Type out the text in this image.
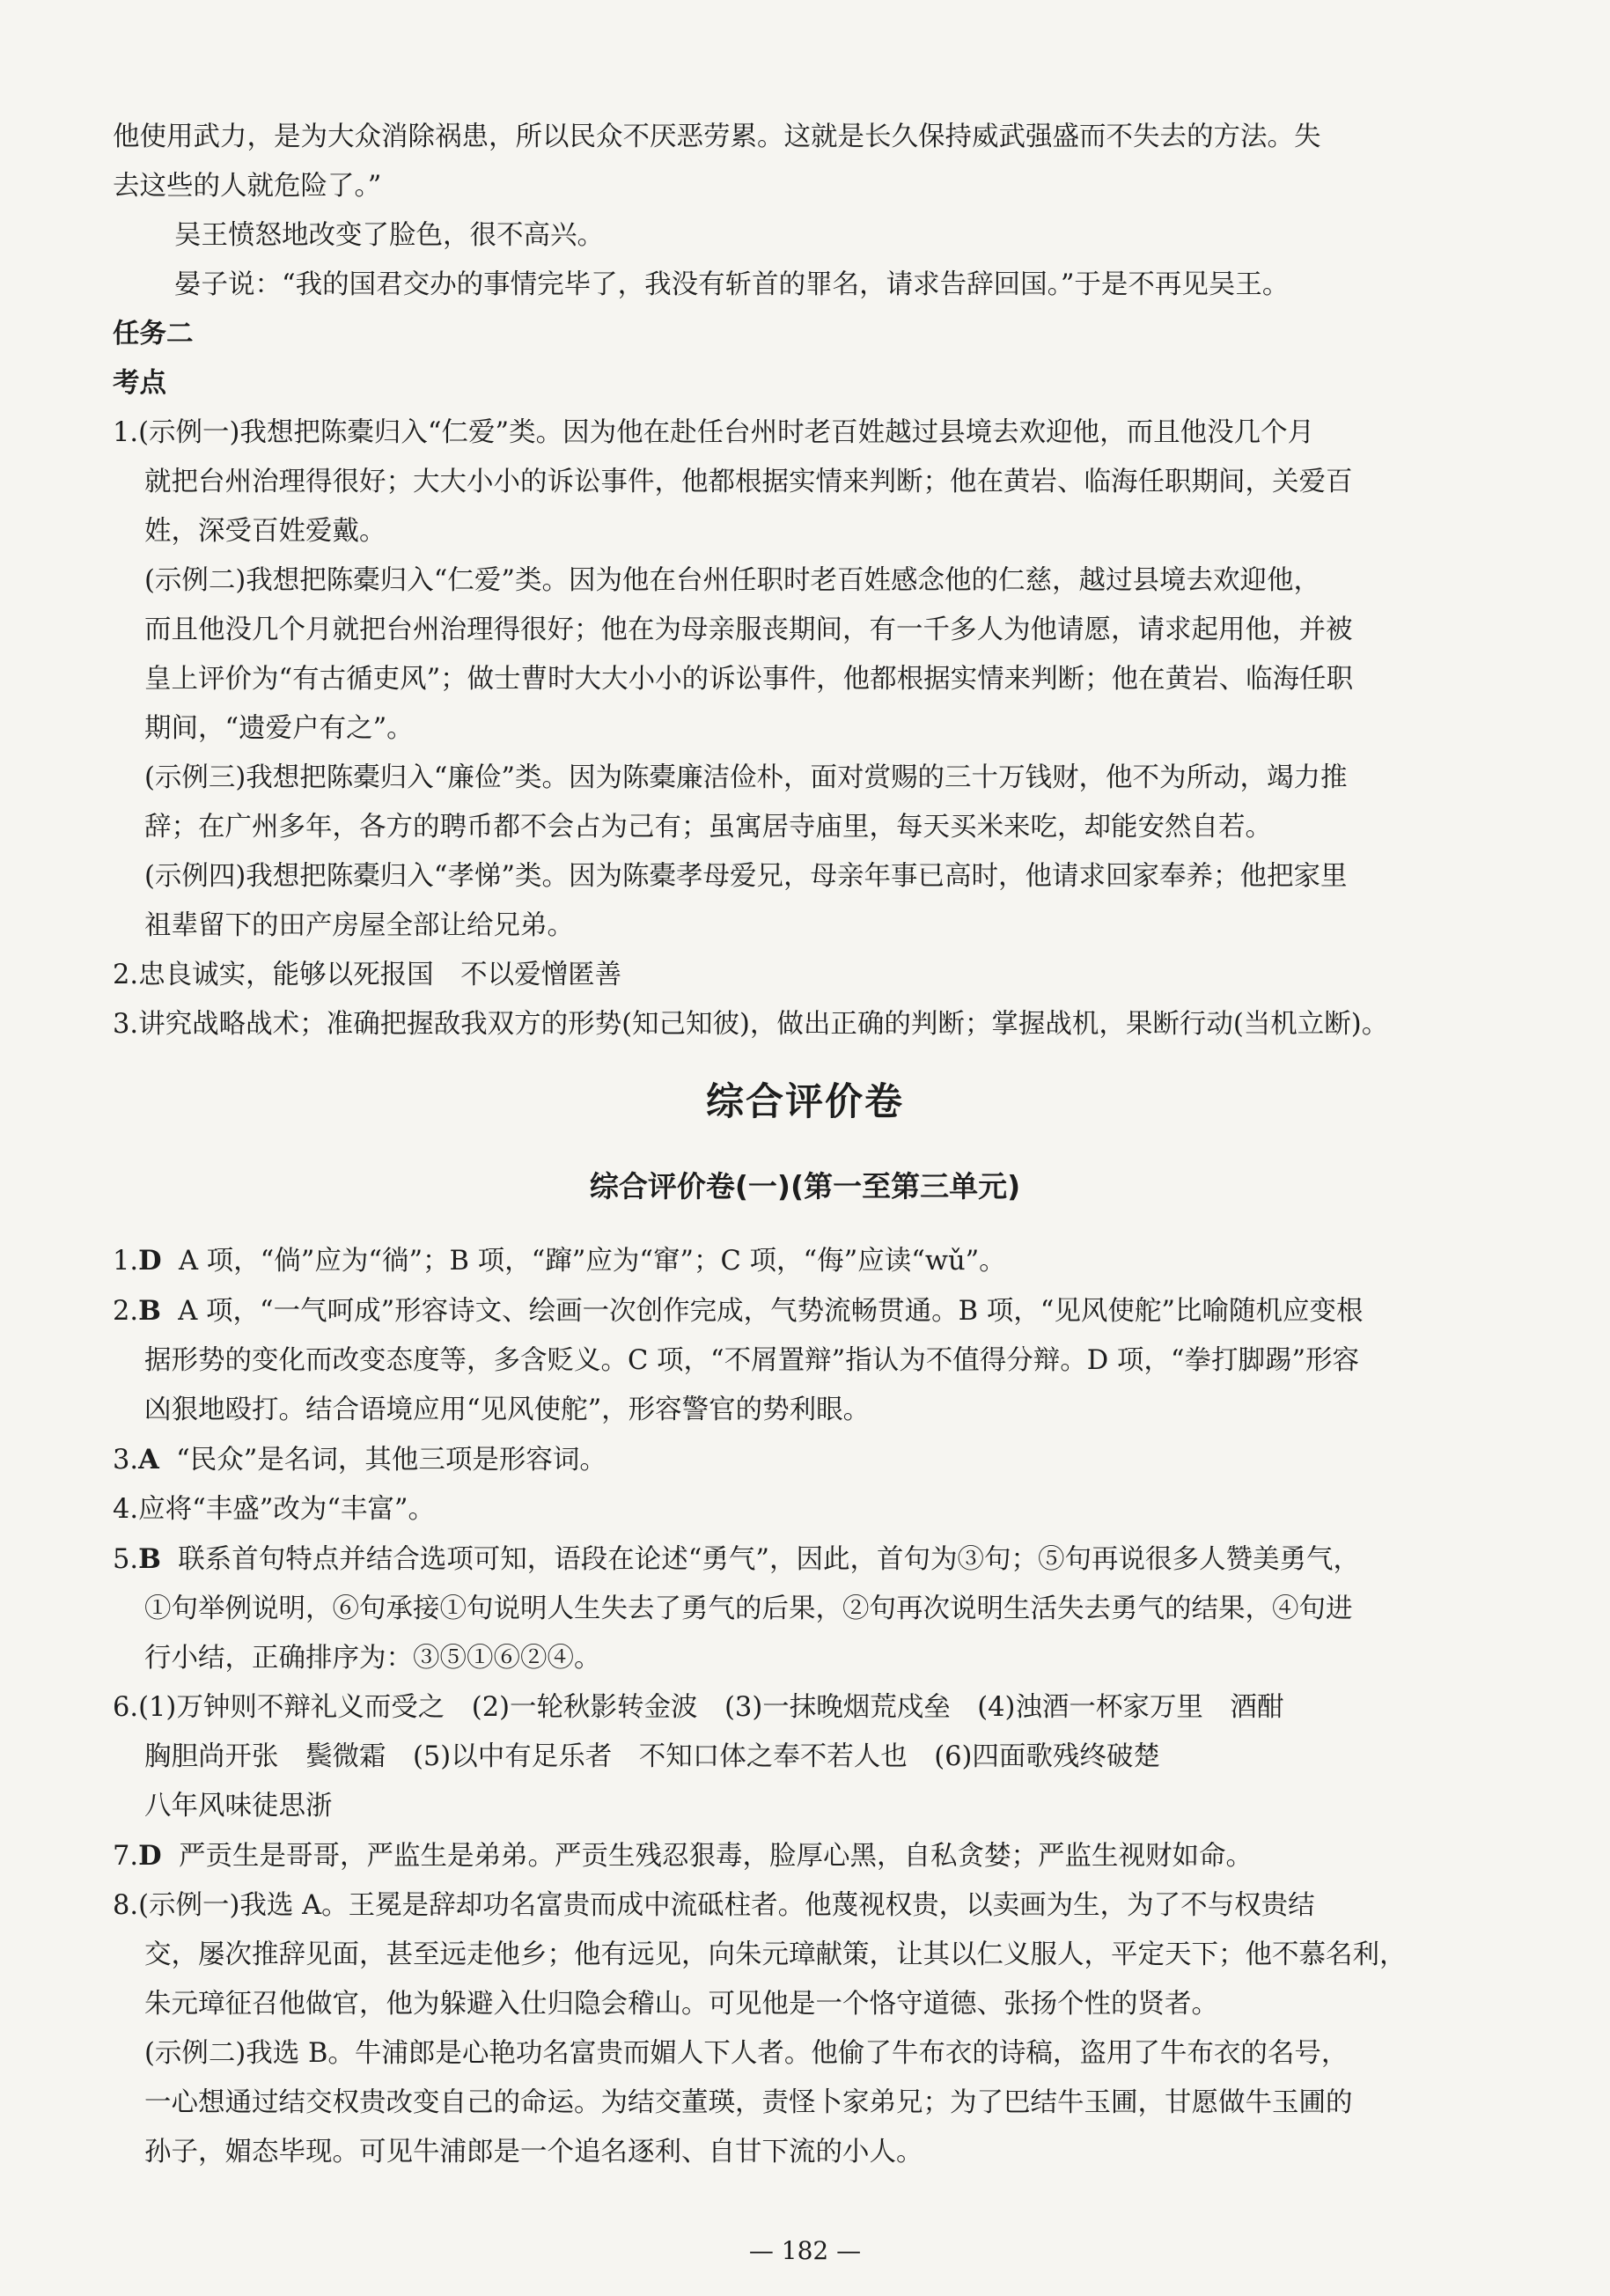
他使用武力，是为大众消除祸患，所以民众不厌恶劳累。这就是长久保持威武强盛而不失去的方法。失

去这些的人就危险了。”

吴王愤怒地改变了脸色，很不高兴。

晏子说：“我的国君交办的事情完毕了，我没有斩首的罪名，请求告辞回国。”于是不再见吴王。

任务二

考点

1.(示例一)我想把陈橐归入“仁爱”类。因为他在赴任台州时老百姓越过县境去欢迎他，而且他没几个月

就把台州治理得很好；大大小小的诉讼事件，他都根据实情来判断；他在黄岩、临海任职期间，关爱百

姓，深受百姓爱戴。

(示例二)我想把陈橐归入“仁爱”类。因为他在台州任职时老百姓感念他的仁慈，越过县境去欢迎他，

而且他没几个月就把台州治理得很好；他在为母亲服丧期间，有一千多人为他请愿，请求起用他，并被

皇上评价为“有古循吏风”；做士曹时大大小小的诉讼事件，他都根据实情来判断；他在黄岩、临海任职

期间，“遗爱户有之”。

(示例三)我想把陈橐归入“廉俭”类。因为陈橐廉洁俭朴，面对赏赐的三十万钱财，他不为所动，竭力推

辞；在广州多年，各方的聘币都不会占为己有；虽寓居寺庙里，每天买米来吃，却能安然自若。

(示例四)我想把陈橐归入“孝悌”类。因为陈橐孝母爱兄，母亲年事已高时，他请求回家奉养；他把家里

祖辈留下的田产房屋全部让给兄弟。

2.忠良诚实，能够以死报国　不以爱憎匿善

3.讲究战略战术；准确把握敌我双方的形势(知己知彼)，做出正确的判断；掌握战机，果断行动(当机立断)。

综合评价卷
综合评价卷(一)(第一至第三单元)

1.D A 项，“倘”应为“徜”；B 项，“蹿”应为“窜”；C 项，“侮”应读“wǔ”。

2.B A 项，“一气呵成”形容诗文、绘画一次创作完成，气势流畅贯通。B 项，“见风使舵”比喻随机应变根

据形势的变化而改变态度等，多含贬义。C 项，“不屑置辩”指认为不值得分辩。D 项，“拳打脚踢”形容

凶狠地殴打。结合语境应用“见风使舵”，形容警官的势利眼。

3.A “民众”是名词，其他三项是形容词。

4.应将“丰盛”改为“丰富”。

5.B 联系首句特点并结合选项可知，语段在论述“勇气”，因此，首句为③句；⑤句再说很多人赞美勇气，

①句举例说明，⑥句承接①句说明人生失去了勇气的后果，②句再次说明生活失去勇气的结果，④句进

行小结，正确排序为：③⑤①⑥②④。

6.(1)万钟则不辩礼义而受之　(2)一轮秋影转金波　(3)一抹晚烟荒戍垒　(4)浊酒一杯家万里　酒酣

胸胆尚开张　鬓微霜　(5)以中有足乐者　不知口体之奉不若人也　(6)四面歌残终破楚

八年风味徒思浙

7.D 严贡生是哥哥，严监生是弟弟。严贡生残忍狠毒，脸厚心黑，自私贪婪；严监生视财如命。

8.(示例一)我选 A。王冕是辞却功名富贵而成中流砥柱者。他蔑视权贵，以卖画为生，为了不与权贵结

交，屡次推辞见面，甚至远走他乡；他有远见，向朱元璋献策，让其以仁义服人，平定天下；他不慕名利，

朱元璋征召他做官，他为躲避入仕归隐会稽山。可见他是一个恪守道德、张扬个性的贤者。

(示例二)我选 B。牛浦郎是心艳功名富贵而媚人下人者。他偷了牛布衣的诗稿，盗用了牛布衣的名号，

一心想通过结交权贵改变自己的命运。为结交董瑛，责怪卜家弟兄；为了巴结牛玉圃，甘愿做牛玉圃的

孙子，媚态毕现。可见牛浦郎是一个追名逐利、自甘下流的小人。

— 182 —
